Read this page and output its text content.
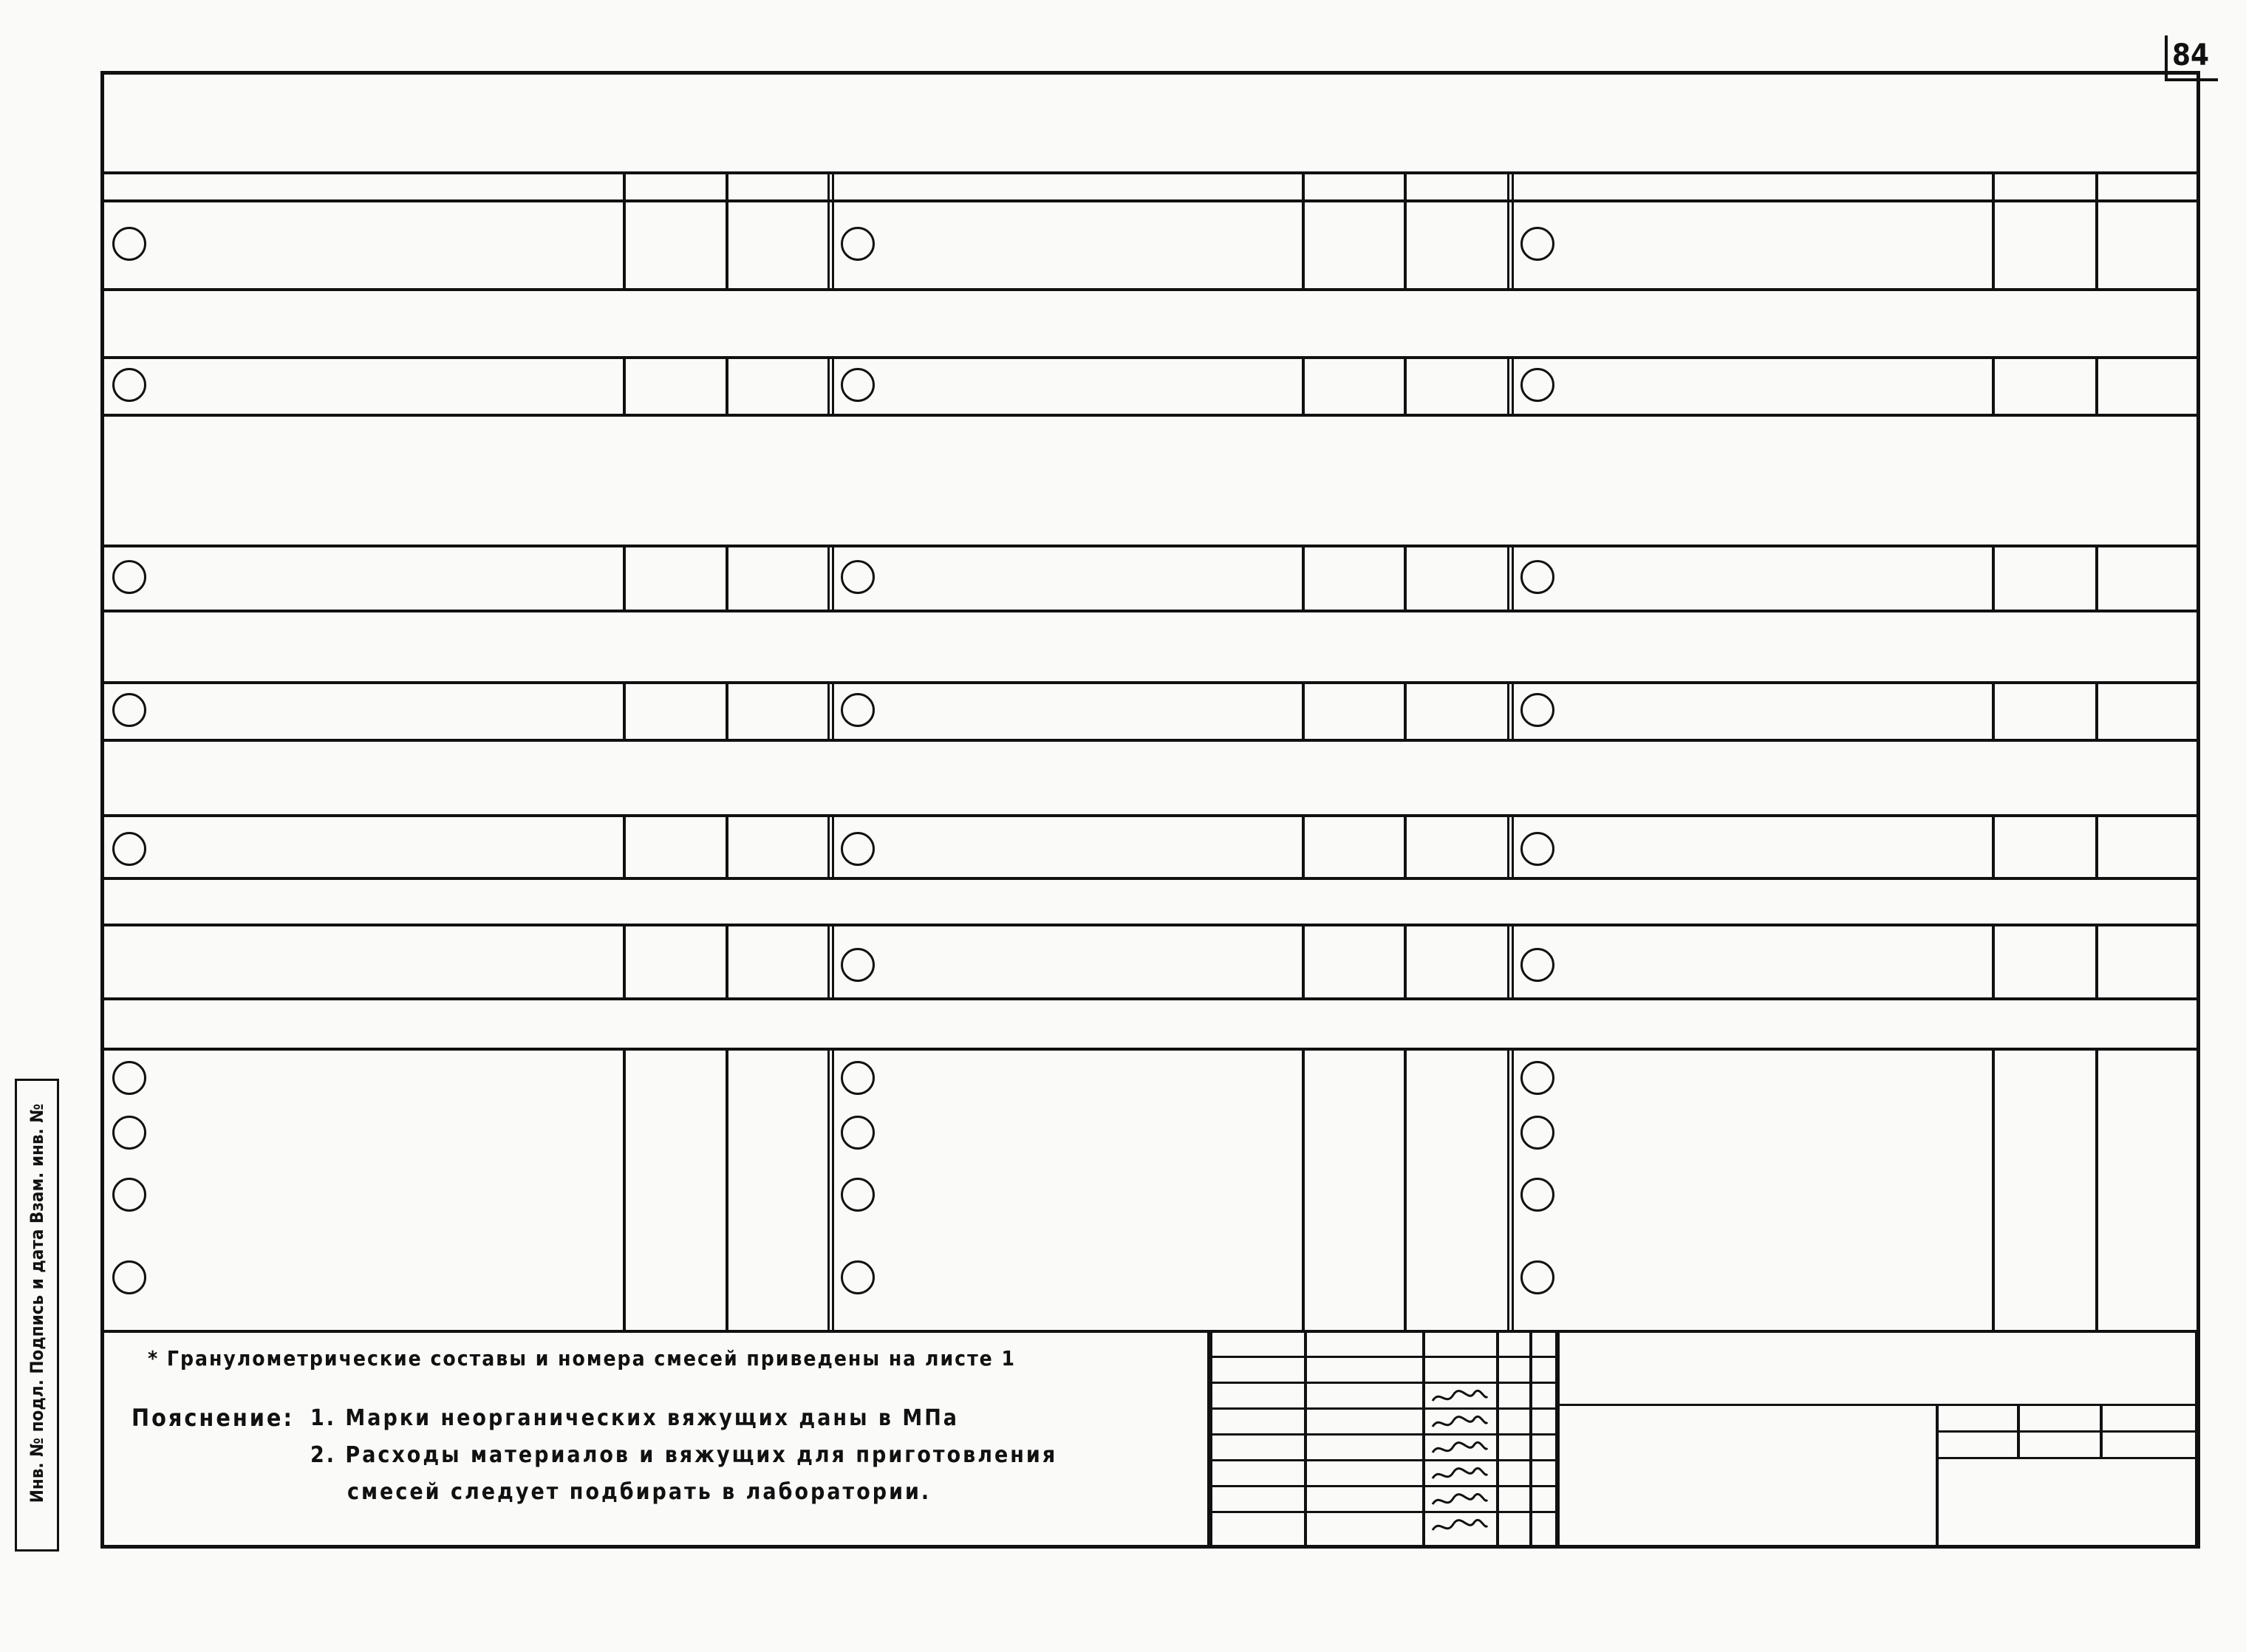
84
Инв. № подл. Подпись и дата Взам. инв. №	* Гранулометрические составы и номера смесей приведены на листе 1
Пояснение: 1. Марки неорганических вяжущих даны в МПа
2. Расходы материалов и вяжущих для приготовления
смесей следует подбирать в лаборатории.
